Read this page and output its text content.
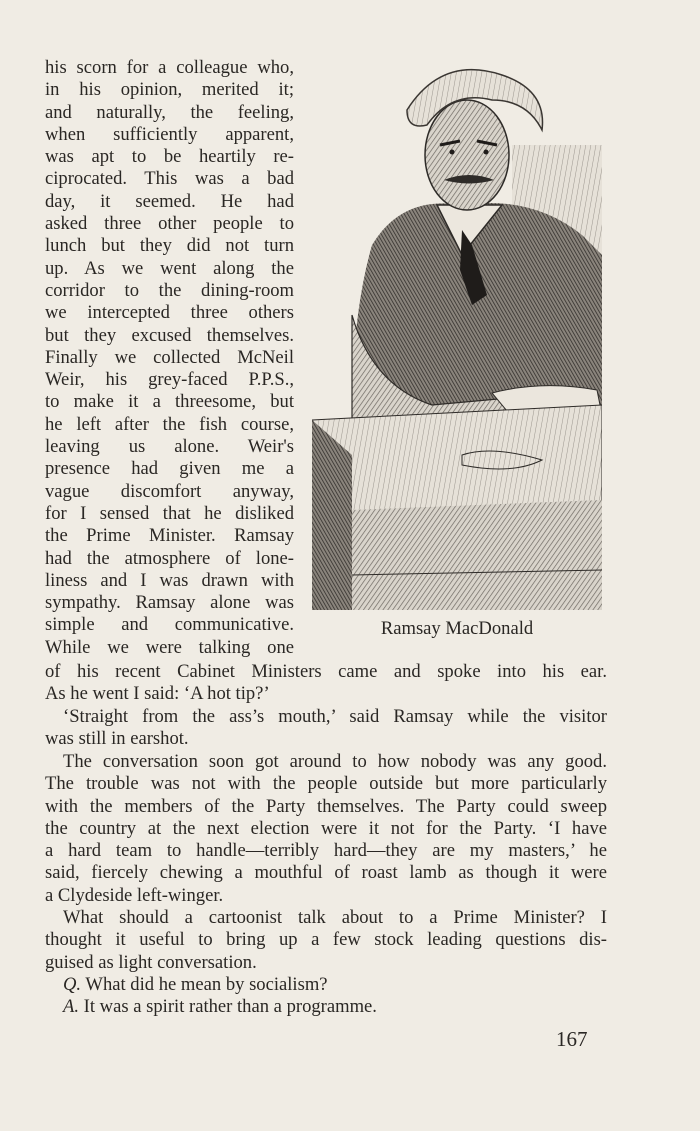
his scorn for a colleague who,
in his opinion, merited it;
and naturally, the feeling,
when sufficiently apparent,
was apt to be heartily re-
ciprocated. This was a bad
day, it seemed. He had
asked three other people to
lunch but they did not turn
up. As we went along the
corridor to the dining-room
we intercepted three others
but they excused themselves.
Finally we collected McNeil
Weir, his grey-faced P.P.S.,
to make it a threesome, but
he left after the fish course,
leaving us alone. Weir's
presence had given me a
vague discomfort anyway,
for I sensed that he disliked
the Prime Minister. Ramsay
had the atmosphere of lone-
liness and I was drawn with
sympathy. Ramsay alone was
simple and communicative.
While we were talking one
Ramsay MacDonald
of his recent Cabinet Ministers came and spoke into his ear.
As he went I said: ‘A hot tip?’
‘Straight from the ass’s mouth,’ said Ramsay while the visitor
was still in earshot.
The conversation soon got around to how nobody was any good.
The trouble was not with the people outside but more particularly
with the members of the Party themselves. The Party could sweep
the country at the next election were it not for the Party. ‘I have
a hard team to handle—terribly hard—they are my masters,’ he
said, fiercely chewing a mouthful of roast lamb as though it were
a Clydeside left-winger.
What should a cartoonist talk about to a Prime Minister? I
thought it useful to bring up a few stock leading questions dis-
guised as light conversation.
Q. What did he mean by socialism?
A. It was a spirit rather than a programme.
167
